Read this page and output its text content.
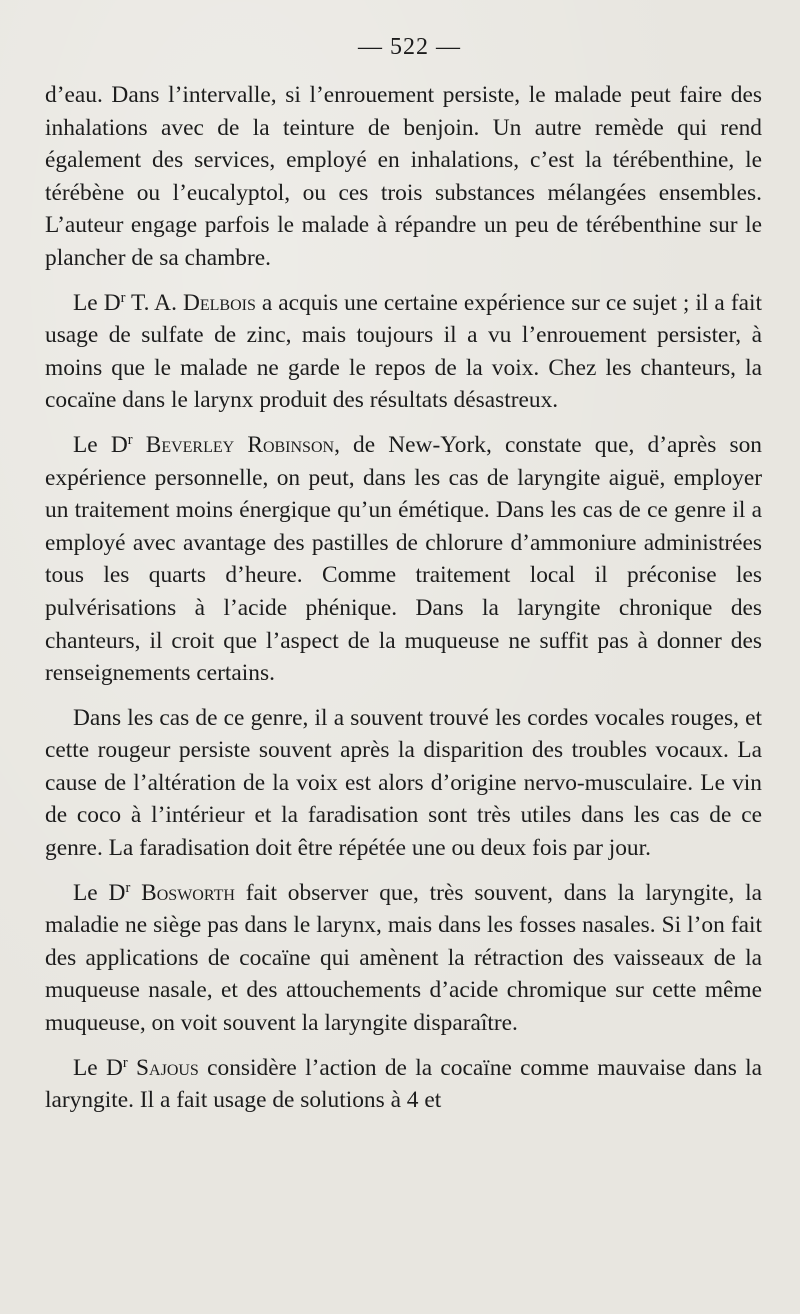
— 522 —

d’eau. Dans l’intervalle, si l’enrouement persiste, le malade peut faire des inhalations avec de la teinture de benjoin. Un autre remède qui rend également des services, employé en inhalations, c’est la térébenthine, le térébène ou l’eucalyptol, ou ces trois substances mélangées ensembles. L’auteur engage parfois le malade à répandre un peu de térébenthine sur le plancher de sa chambre.

Le $D^r$ T. A. Delbois a acquis une certaine expérience sur ce sujet ; il a fait usage de sulfate de zinc, mais toujours il a vu l’enrouement persister, à moins que le malade ne garde le repos de la voix. Chez les chanteurs, la cocaïne dans le larynx produit des résultats désastreux.

Le $D^r$ Beverley Robinson, de New-York, constate que, d’après son expérience personnelle, on peut, dans les cas de laryngite aiguë, employer un traitement moins énergique qu’un émétique. Dans les cas de ce genre il a employé avec avantage des pastilles de chlorure d’ammoniure administrées tous les quarts d’heure. Comme traitement local il préconise les pulvérisations à l’acide phénique. Dans la laryngite chronique des chanteurs, il croit que l’aspect de la muqueuse ne suffit pas à donner des renseignements certains.

Dans les cas de ce genre, il a souvent trouvé les cordes vocales rouges, et cette rougeur persiste souvent après la disparition des troubles vocaux. La cause de l’altération de la voix est alors d’origine nervo-musculaire. Le vin de coco à l’intérieur et la faradisation sont très utiles dans les cas de ce genre. La faradisation doit être répétée une ou deux fois par jour.

Le $D^r$ Bosworth fait observer que, très souvent, dans la laryngite, la maladie ne siège pas dans le larynx, mais dans les fosses nasales. Si l’on fait des applications de cocaïne qui amènent la rétraction des vaisseaux de la muqueuse nasale, et des attouchements d’acide chromique sur cette même muqueuse, on voit souvent la laryngite disparaître.

Le $D^r$ Sajous considère l’action de la cocaïne comme mauvaise dans la laryngite. Il a fait usage de solutions à 4 et
